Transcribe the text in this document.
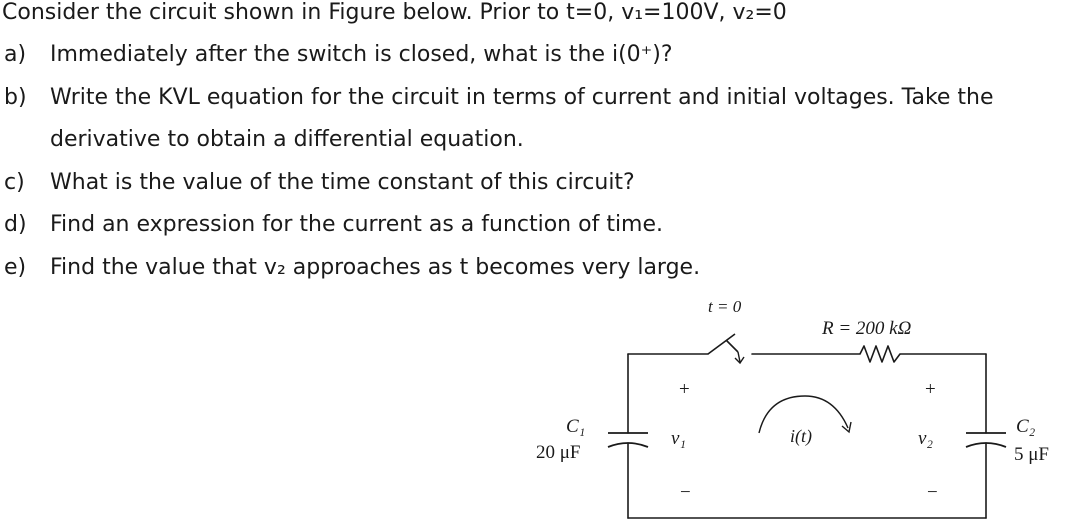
Consider the circuit shown in Figure below. Prior to t=0, v₁=100V, v₂=0
a) Immediately after the switch is closed, what is the i(0⁺)?
b) Write the KVL equation for the circuit in terms of current and initial voltages. Take the derivative to obtain a differential equation.
c) What is the value of the time constant of this circuit?
d) Find an expression for the current as a function of time.
e) Find the value that v₂ approaches as t becomes very large.
t = 0
R = 200 kΩ
C₁
20 μF
C₂
5 μF
+
v₁
−
+
v₂
−
i(t)
